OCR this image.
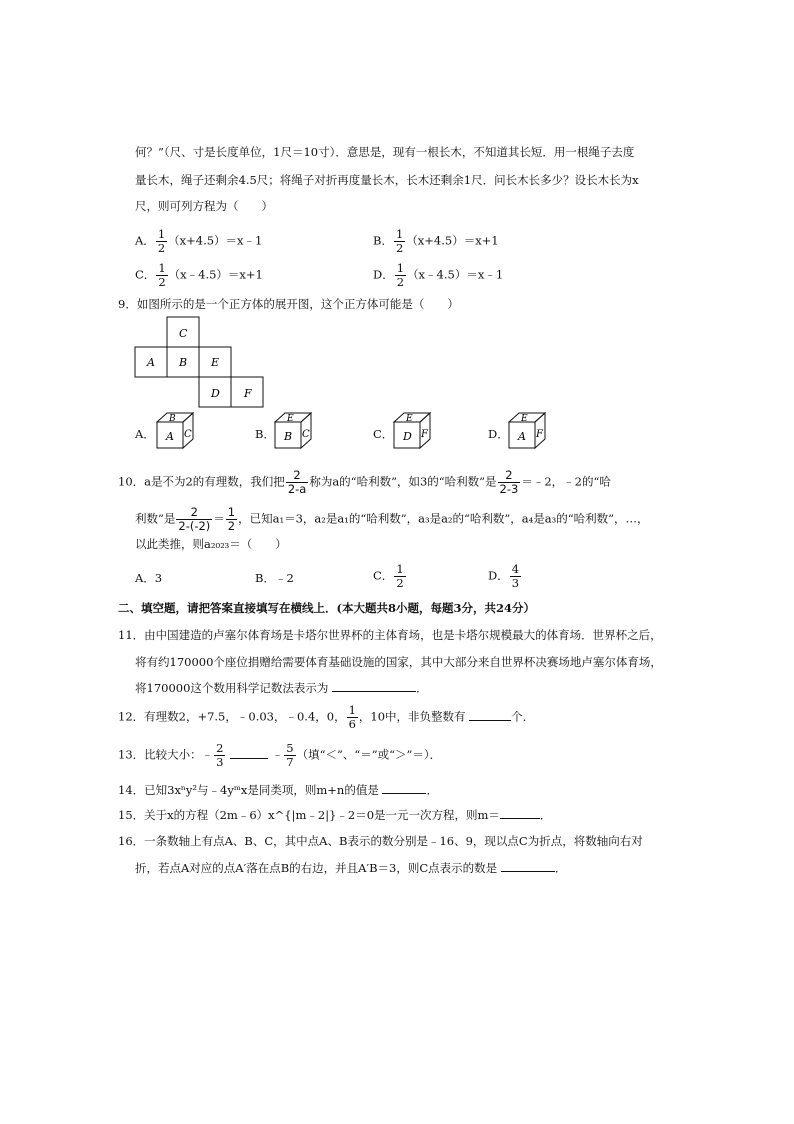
何？”（尺、寸是长度单位，1尺＝10寸）．意思是，现有一根长木，不知道其长短．用一根绳子去度
量长木，绳子还剩余4.5尺；将绳子对折再度量长木，长木还剩余1尺．问长木长多少？设长木长为x
尺，则可列方程为（　　）
A． $\frac{1}{2}$ （x+4.5）＝x﹣1	B． $\frac{1}{2} (x+4.5)=x+1$
C． $\frac{1}{2}$ （x﹣4.5）＝x+1	D． $\frac{1}{2}$ （x﹣4.5）＝x﹣1
9．如图所示的是一个正方体的展开图，这个正方体可能是（　　）
C
A B E
D F
A．
B
A C	B．
E
B C	C．
E
D F	D．
E
A F
10．a是不为2的有理数，我们把 $\frac{2}{2-a}$ 称为a的“哈利数”，如3的“哈利数”是 $\frac{2}{2-3}$ ＝﹣2，﹣2的“哈
利数”是 $\frac{2}{2-(-2)} = \frac{1}{2}$ ，已知a₁＝3，a₂是a₁的“哈利数”，a₃是a₂的“哈利数”，a₄是a₃的“哈利数”，…，
以此类推，则a₂₀₂₃＝（　　）
A．3	B．﹣2	C． $\frac{1}{2}$	D． $\frac{4}{3}$
二、填空题，请把答案直接填写在横线上．(本大题共8小题，每题3分，共24分）
11．由中国建造的卢塞尔体育场是卡塔尔世界杯的主体育场，也是卡塔尔规模最大的体育场．世界杯之后，
将有约170000个座位捐赠给需要体育基础设施的国家，其中大部分来自世界杯决赛场地卢塞尔体育场，
将170000这个数用科学记数法表示为	．
12．有理数2，+7.5，﹣0.03，﹣0.4，0， $\frac{1}{6}$ ，10中，非负整数有	个．
13．比较大小：﹣ $\frac{2}{3}$	﹣ $\frac{5}{7}$ （填“＜”、“＝”或“＞”＝）．
14．已知3xⁿy²与﹣4yᵐx是同类项，则m+n的值是	．
15．关于x的方程（2m﹣6）x^{|m﹣2|}﹣2＝0是一元一次方程，则m＝	．
16．一条数轴上有点A、B、C，其中点A、B表示的数分别是﹣16、9，现以点C为折点，将数轴向右对
折，若点A对应的点A′落在点B的右边，并且A′B＝3，则C点表示的数是	．
